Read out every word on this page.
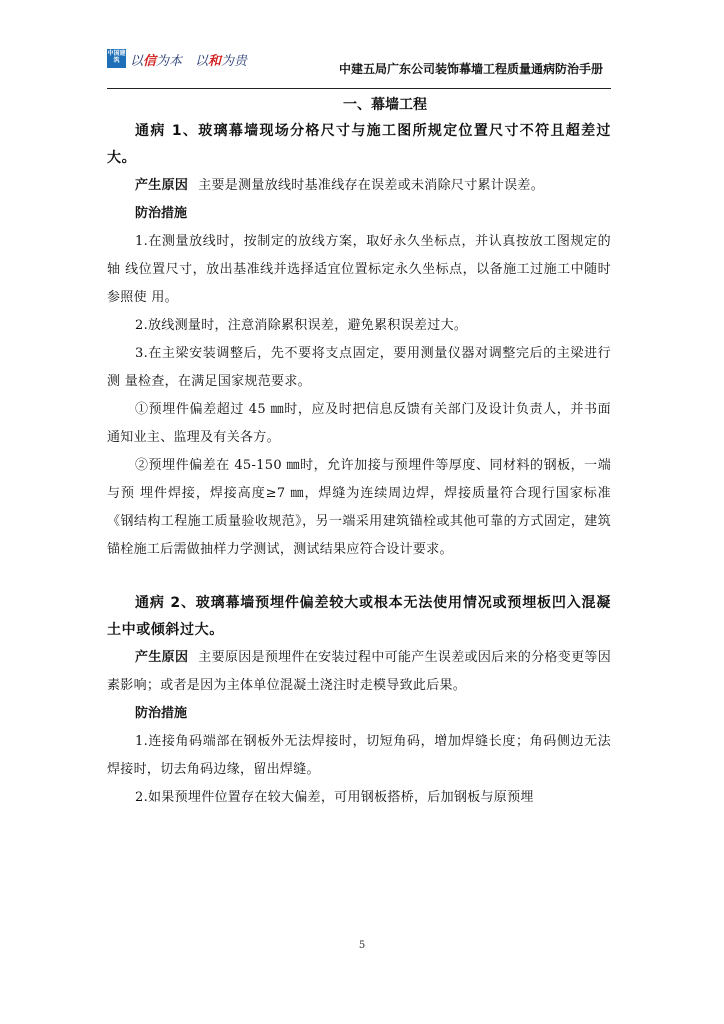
中国建筑 以信为本 以和为贵	中建五局广东公司装饰幕墙工程质量通病防治手册

一、幕墙工程

通病 1、玻璃幕墙现场分格尺寸与施工图所规定位置尺寸不符且超差过大。

产生原因 主要是测量放线时基准线存在误差或未消除尺寸累计误差。

防治措施

1.在测量放线时，按制定的放线方案，取好永久坐标点，并认真按放工图规定的轴 线位置尺寸，放出基准线并选择适宜位置标定永久坐标点，以备施工过施工中随时参照使 用。

2.放线测量时，注意消除累积误差，避免累积误差过大。

3.在主梁安装调整后，先不要将支点固定，要用测量仪器对调整完后的主梁进行测 量检查，在满足国家规范要求。

①预埋件偏差超过 45 ㎜时，应及时把信息反馈有关部门及设计负责人，并书面通知业主、监理及有关各方。

②预埋件偏差在 45-150 ㎜时，允许加接与预埋件等厚度、同材料的钢板，一端与预 埋件焊接，焊接高度≥7 ㎜，焊缝为连续周边焊，焊接质量符合现行国家标准《钢结构工程施工质量验收规范》，另一端采用建筑锚栓或其他可靠的方式固定，建筑锚栓施工后需做抽样力学测试，测试结果应符合设计要求。

通病 2、玻璃幕墙预埋件偏差较大或根本无法使用情况或预埋板凹入混凝土中或倾斜过大。

产生原因 主要原因是预埋件在安装过程中可能产生误差或因后来的分格变更等因素影响；或者是因为主体单位混凝土浇注时走模导致此后果。

防治措施

1.连接角码端部在钢板外无法焊接时，切短角码，增加焊缝长度；角码侧边无法焊接时，切去角码边缘，留出焊缝。

2.如果预埋件位置存在较大偏差，可用钢板搭桥，后加钢板与原预埋

5
